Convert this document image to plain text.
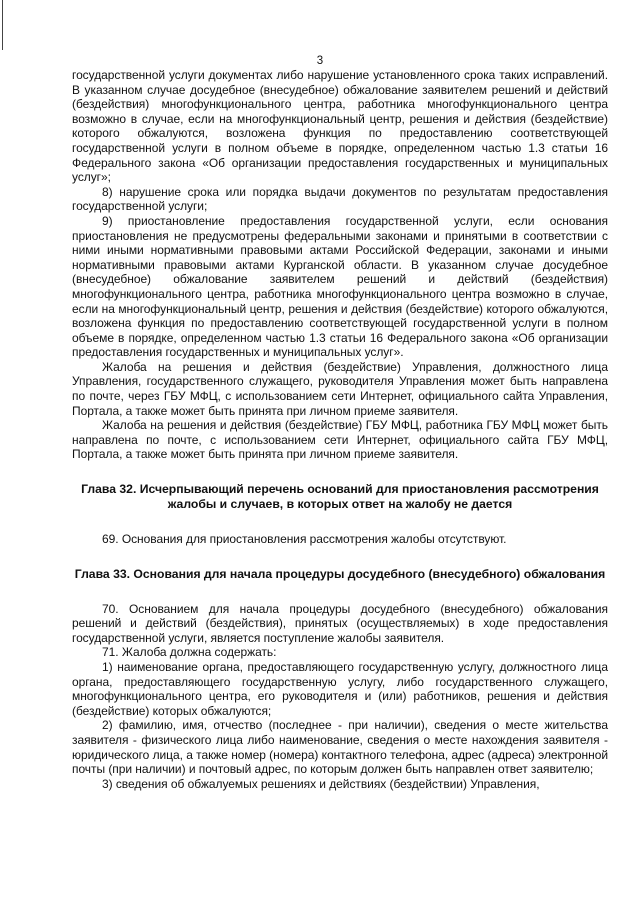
3

государственной услуги документах либо нарушение установленного срока таких исправлений. В указанном случае досудебное (внесудебное) обжалование заявителем решений и действий (бездействия) многофункционального центра, работника многофункционального центра возможно в случае, если на многофункциональный центр, решения и действия (бездействие) которого обжалуются, возложена функция по предоставлению соответствующей государственной услуги в полном объеме в порядке, определенном частью 1.3 статьи 16 Федерального закона «Об организации предоставления государственных и муниципальных услуг»;

8) нарушение срока или порядка выдачи документов по результатам предоставления государственной услуги;

9) приостановление предоставления государственной услуги, если основания приостановления не предусмотрены федеральными законами и принятыми в соответствии с ними иными нормативными правовыми актами Российской Федерации, законами и иными нормативными правовыми актами Курганской области. В указанном случае досудебное (внесудебное) обжалование заявителем решений и действий (бездействия) многофункционального центра, работника многофункционального центра возможно в случае, если на многофункциональный центр, решения и действия (бездействие) которого обжалуются, возложена функция по предоставлению соответствующей государственной услуги в полном объеме в порядке, определенном частью 1.3 статьи 16 Федерального закона «Об организации предоставления государственных и муниципальных услуг».

Жалоба на решения и действия (бездействие) Управления, должностного лица Управления, государственного служащего, руководителя Управления может быть направлена по почте, через ГБУ МФЦ, с использованием сети Интернет, официального сайта Управления, Портала, а также может быть принята при личном приеме заявителя.

Жалоба на решения и действия (бездействие) ГБУ МФЦ, работника ГБУ МФЦ может быть направлена по почте, с использованием сети Интернет, официального сайта ГБУ МФЦ, Портала, а также может быть принята при личном приеме заявителя.

Глава 32. Исчерпывающий перечень оснований для приостановления рассмотрения жалобы и случаев, в которых ответ на жалобу не дается

69. Основания для приостановления рассмотрения жалобы отсутствуют.

Глава 33. Основания для начала процедуры досудебного (внесудебного) обжалования

70. Основанием для начала процедуры досудебного (внесудебного) обжалования решений и действий (бездействия), принятых (осуществляемых) в ходе предоставления государственной услуги, является поступление жалобы заявителя.

71. Жалоба должна содержать:

1) наименование органа, предоставляющего государственную услугу, должностного лица органа, предоставляющего государственную услугу, либо государственного служащего, многофункционального центра, его руководителя и (или) работников, решения и действия (бездействие) которых обжалуются;

2) фамилию, имя, отчество (последнее - при наличии), сведения о месте жительства заявителя - физического лица либо наименование, сведения о месте нахождения заявителя - юридического лица, а также номер (номера) контактного телефона, адрес (адреса) электронной почты (при наличии) и почтовый адрес, по которым должен быть направлен ответ заявителю;

3) сведения об обжалуемых решениях и действиях (бездействии) Управления,
